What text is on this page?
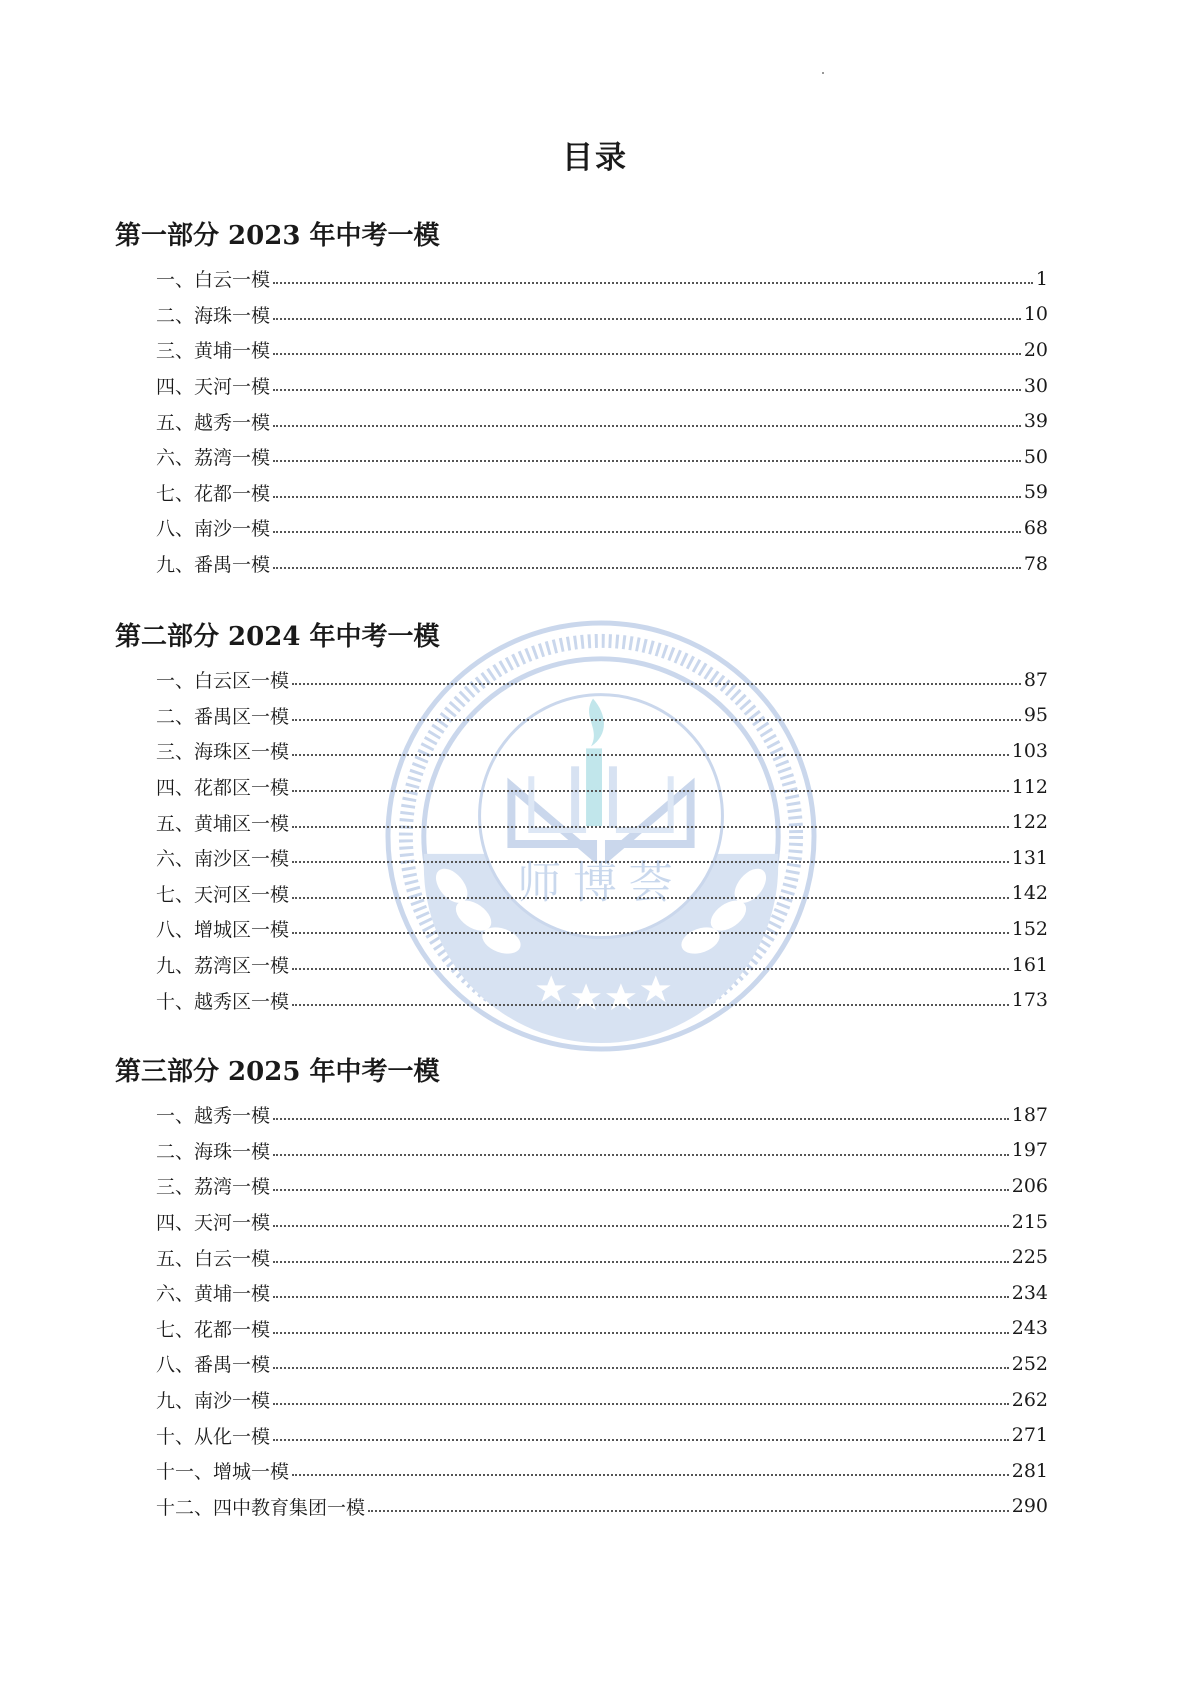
师博荟
目录
第一部分 2023 年中考一模
一、白云一模	1
二、海珠一模	10
三、黄埔一模	20
四、天河一模	30
五、越秀一模	39
六、荔湾一模	50
七、花都一模	59
八、南沙一模	68
九、番禺一模	78
第二部分 2024 年中考一模
一、白云区一模	87
二、番禺区一模	95
三、海珠区一模	103
四、花都区一模	112
五、黄埔区一模	122
六、南沙区一模	131
七、天河区一模	142
八、增城区一模	152
九、荔湾区一模	161
十、越秀区一模	173
第三部分 2025 年中考一模
一、越秀一模	187
二、海珠一模	197
三、荔湾一模	206
四、天河一模	215
五、白云一模	225
六、黄埔一模	234
七、花都一模	243
八、番禺一模	252
九、南沙一模	262
十、从化一模	271
十一、增城一模	281
十二、四中教育集团一模	290
